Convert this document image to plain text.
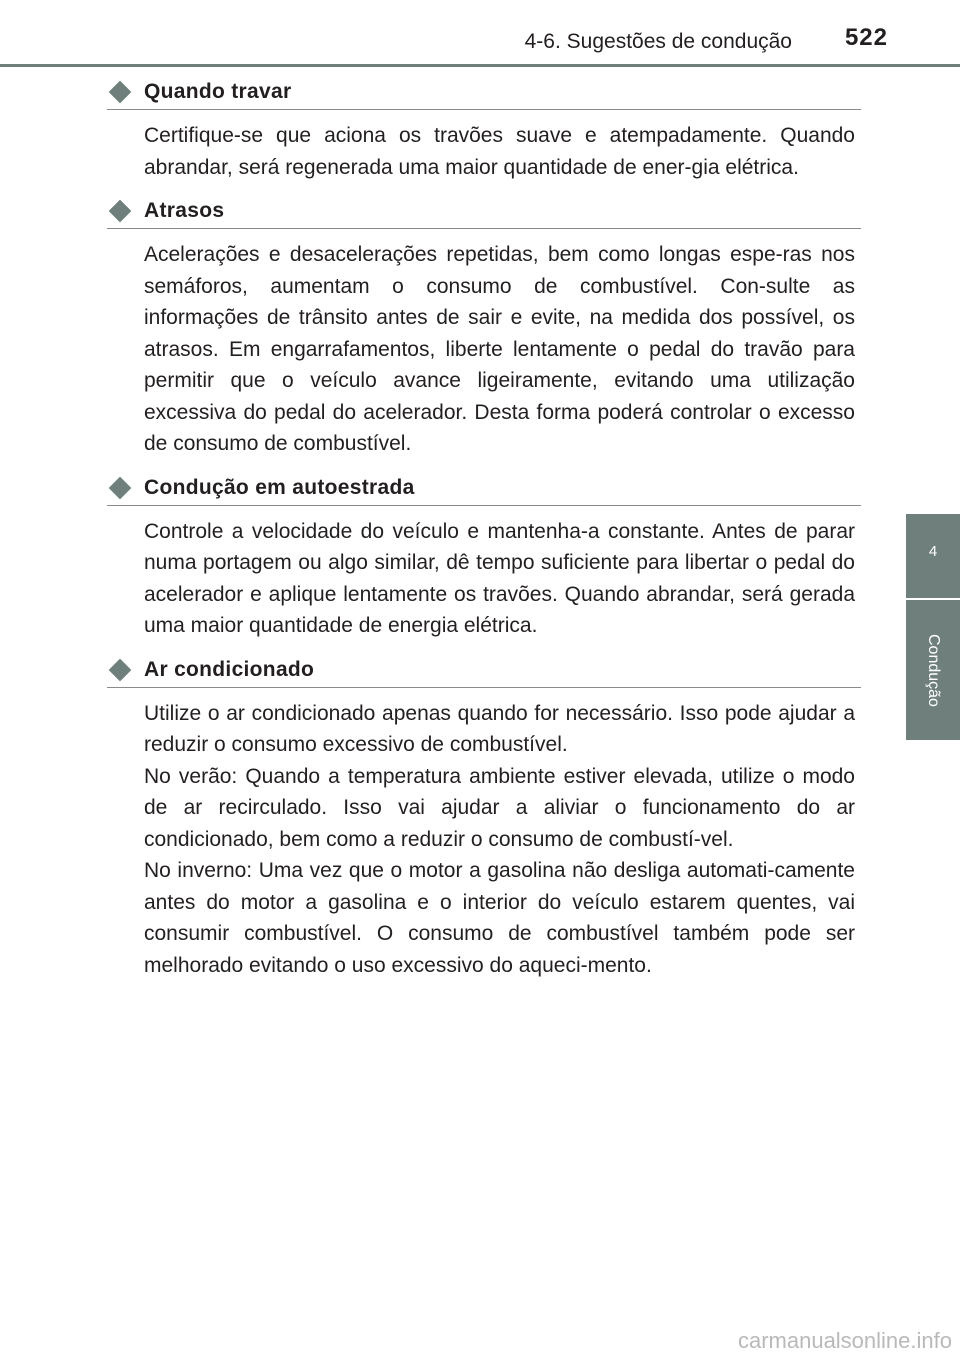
4-6. Sugestões de condução 522
4
Condução
Quando travar

Certifique-se que aciona os travões suave e atempadamente. Quando abrandar, será regenerada uma maior quantidade de ener-gia elétrica.

Atrasos

Acelerações e desacelerações repetidas, bem como longas espe-ras nos semáforos, aumentam o consumo de combustível. Con-sulte as informações de trânsito antes de sair e evite, na medida dos possível, os atrasos. Em engarrafamentos, liberte lentamente o pedal do travão para permitir que o veículo avance ligeiramente, evitando uma utilização excessiva do pedal do acelerador. Desta forma poderá controlar o excesso de consumo de combustível.

Condução em autoestrada

Controle a velocidade do veículo e mantenha-a constante. Antes de parar numa portagem ou algo similar, dê tempo suficiente para libertar o pedal do acelerador e aplique lentamente os travões. Quando abrandar, será gerada uma maior quantidade de energia elétrica.

Ar condicionado

Utilize o ar condicionado apenas quando for necessário. Isso pode ajudar a reduzir o consumo excessivo de combustível.

No verão: Quando a temperatura ambiente estiver elevada, utilize o modo de ar recirculado. Isso vai ajudar a aliviar o funcionamento do ar condicionado, bem como a reduzir o consumo de combustí-vel.

No inverno: Uma vez que o motor a gasolina não desliga automati-camente antes do motor a gasolina e o interior do veículo estarem quentes, vai consumir combustível. O consumo de combustível também pode ser melhorado evitando o uso excessivo do aqueci-mento.

carmanualsonline.info
